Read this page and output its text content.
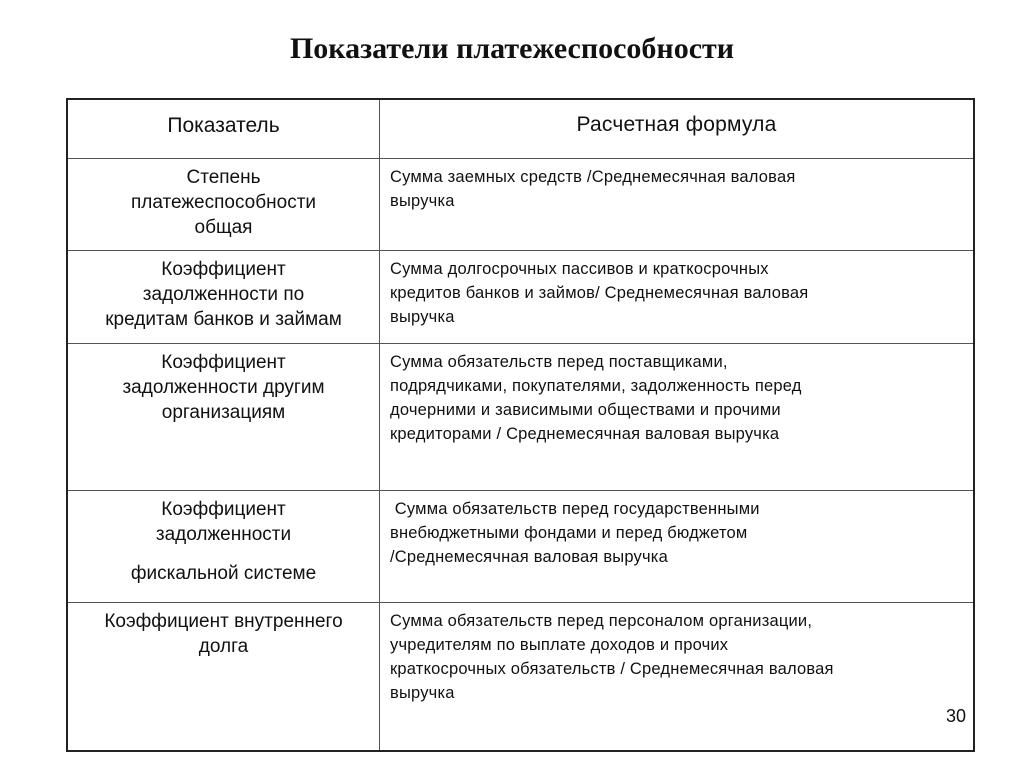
Показатели платежеспособности
Показатель	Расчетная формула
Степень
платежеспособности
общая
Сумма заемных средств /Среднемесячная валовая
выручка
Коэффициент
задолженности по
кредитам банков и займам
Сумма долгосрочных пассивов и краткосрочных
кредитов банков и займов/ Среднемесячная валовая
выручка
Коэффициент
задолженности другим
организациям
Сумма обязательств перед поставщиками,
подрядчиками, покупателями, задолженность перед
дочерними и зависимыми обществами и прочими
кредиторами / Среднемесячная валовая выручка
Коэффициент
задолженности
фискальной системе
Сумма обязательств перед государственными
внебюджетными фондами и перед бюджетом
/Среднемесячная валовая выручка
Коэффициент внутреннего
долга
Сумма обязательств перед персоналом организации,
учредителям по выплате доходов и прочих
краткосрочных обязательств / Среднемесячная валовая
выручка
30
